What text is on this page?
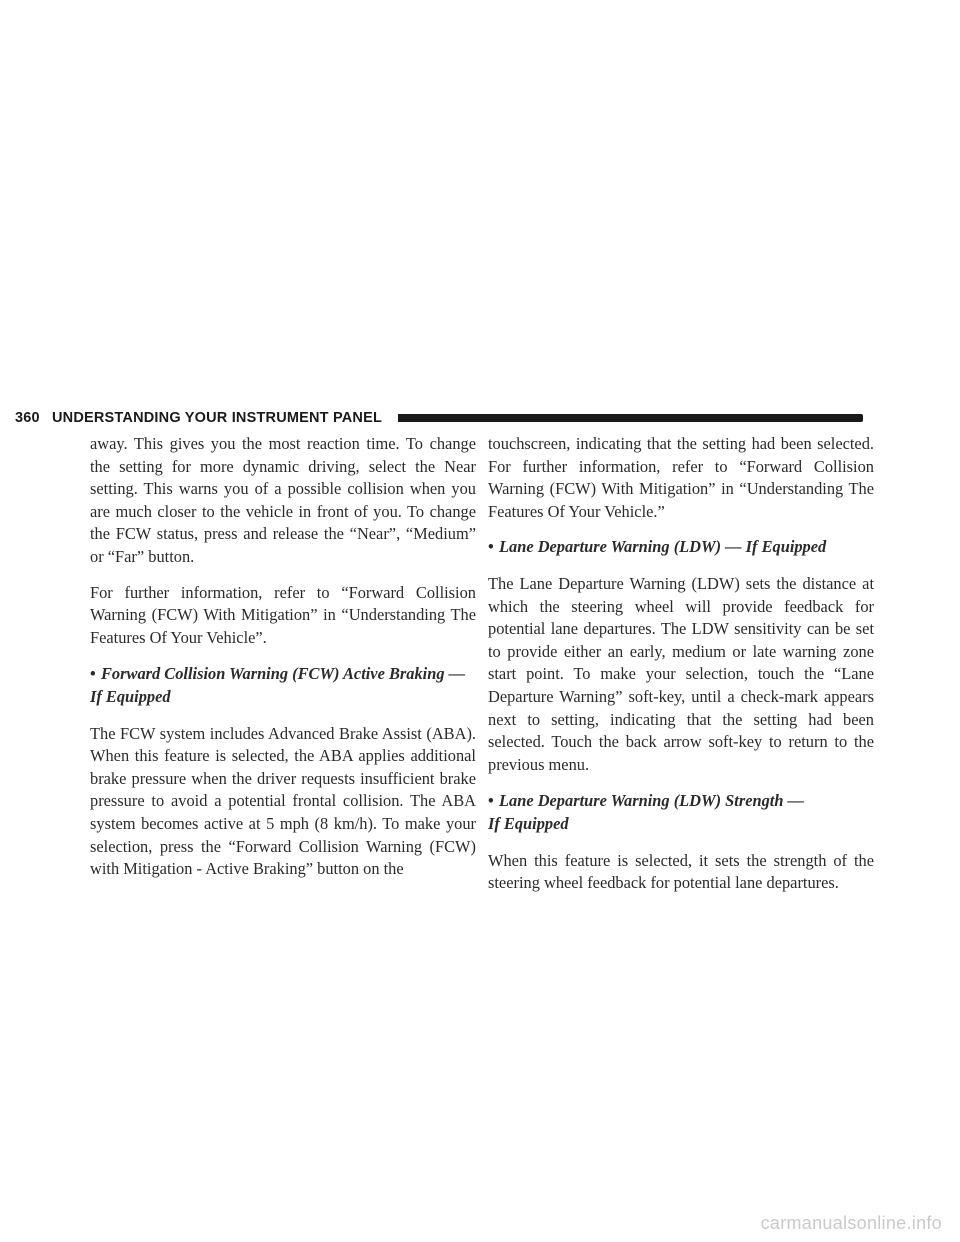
360 UNDERSTANDING YOUR INSTRUMENT PANEL

away. This gives you the most reaction time. To change the setting for more dynamic driving, select the Near setting. This warns you of a possible collision when you are much closer to the vehicle in front of you. To change the FCW status, press and release the “Near”, “Medium” or “Far” button.

For further information, refer to “Forward Collision Warning (FCW) With Mitigation” in “Understanding The Features Of Your Vehicle”.

• Forward Collision Warning (FCW) Active Braking —
If Equipped

The FCW system includes Advanced Brake Assist (ABA). When this feature is selected, the ABA applies additional brake pressure when the driver requests insufficient brake pressure to avoid a potential frontal collision. The ABA system becomes active at 5 mph (8 km/h). To make your selection, press the “Forward Collision Warning (FCW) with Mitigation - Active Braking” button on the

touchscreen, indicating that the setting had been selected. For further information, refer to “Forward Collision Warning (FCW) With Mitigation” in “Understanding The Features Of Your Vehicle.”

• Lane Departure Warning (LDW) — If Equipped

The Lane Departure Warning (LDW) sets the distance at which the steering wheel will provide feedback for potential lane departures. The LDW sensitivity can be set to provide either an early, medium or late warning zone start point. To make your selection, touch the “Lane Departure Warning” soft-key, until a check-mark appears next to setting, indicating that the setting had been selected. Touch the back arrow soft-key to return to the previous menu.

• Lane Departure Warning (LDW) Strength —
If Equipped

When this feature is selected, it sets the strength of the steering wheel feedback for potential lane departures.

carmanualsonline.info
